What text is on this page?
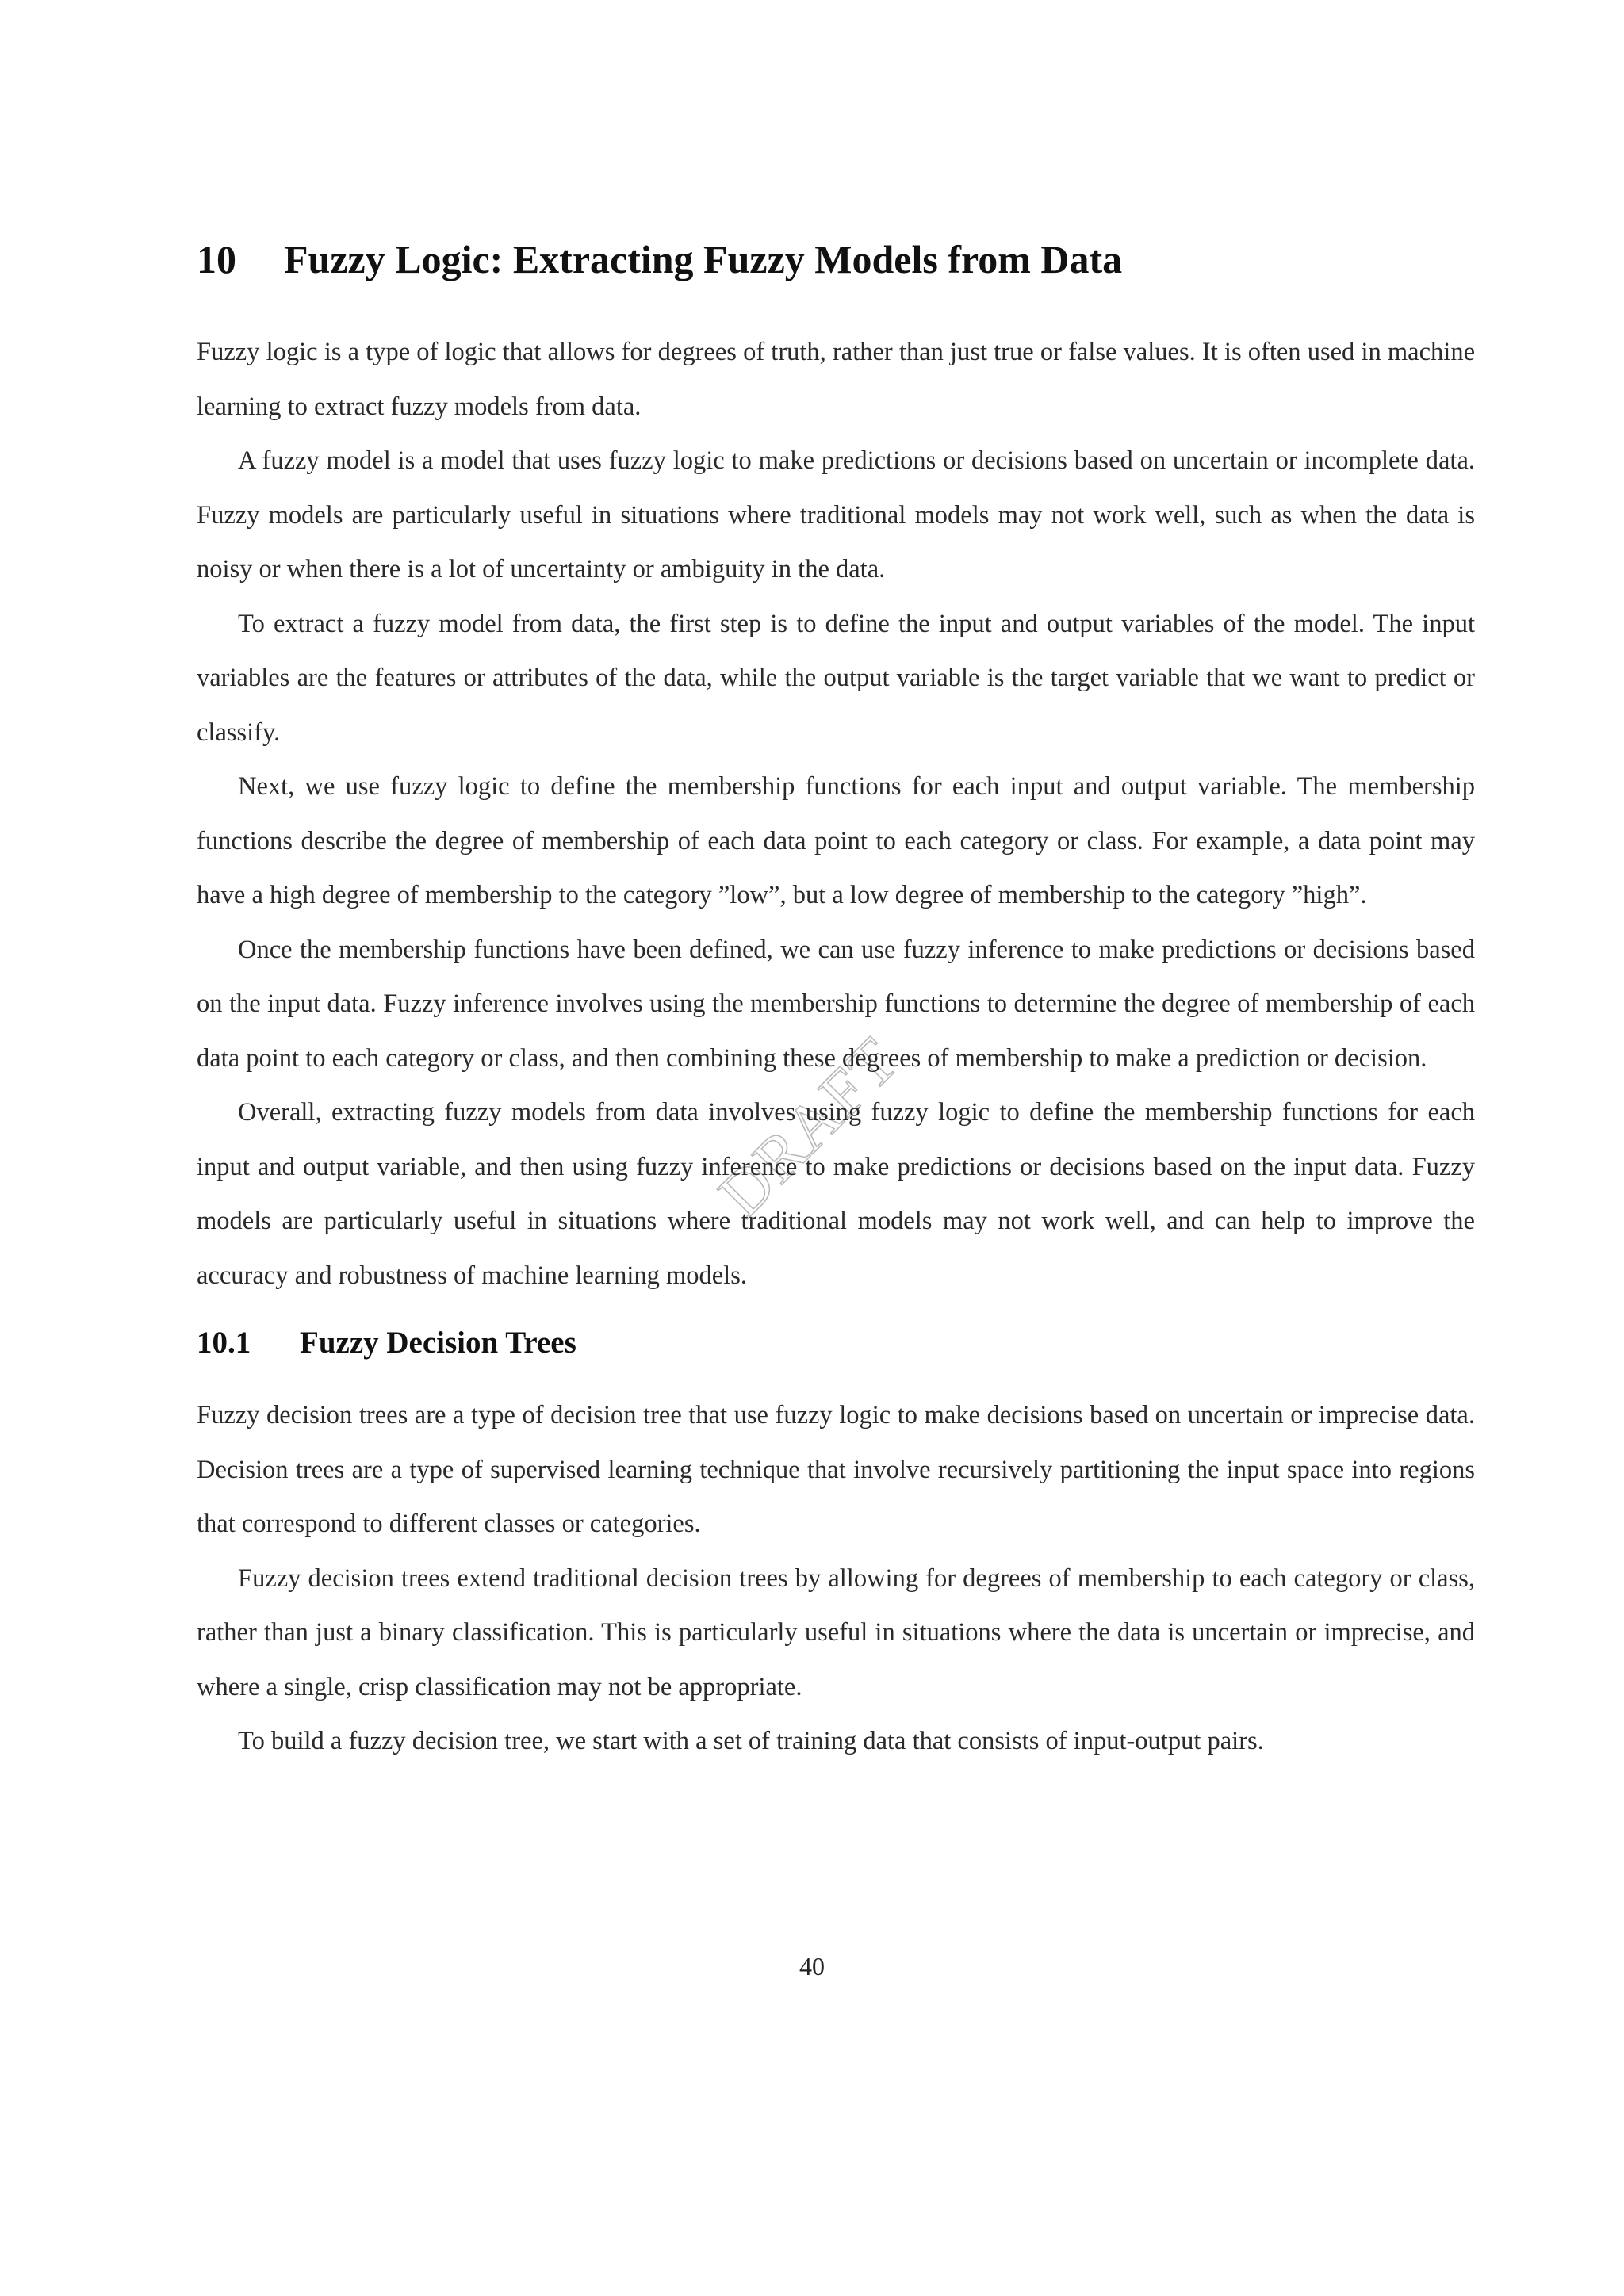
DRAFT
10 Fuzzy Logic: Extracting Fuzzy Models from Data

Fuzzy logic is a type of logic that allows for degrees of truth, rather than just true or false values. It is often used in machine learning to extract fuzzy models from data.

A fuzzy model is a model that uses fuzzy logic to make predictions or decisions based on uncertain or incomplete data. Fuzzy models are particularly useful in situations where traditional models may not work well, such as when the data is noisy or when there is a lot of uncertainty or ambiguity in the data.

To extract a fuzzy model from data, the first step is to define the input and output variables of the model. The input variables are the features or attributes of the data, while the output variable is the target variable that we want to predict or classify.

Next, we use fuzzy logic to define the membership functions for each input and output variable. The membership functions describe the degree of membership of each data point to each category or class. For example, a data point may have a high degree of membership to the category ”low”, but a low degree of membership to the category ”high”.

Once the membership functions have been defined, we can use fuzzy inference to make predictions or decisions based on the input data. Fuzzy inference involves using the membership functions to determine the degree of membership of each data point to each category or class, and then combining these degrees of membership to make a prediction or decision.

Overall, extracting fuzzy models from data involves using fuzzy logic to define the membership functions for each input and output variable, and then using fuzzy inference to make predictions or decisions based on the input data. Fuzzy models are particularly useful in situations where traditional models may not work well, and can help to improve the accuracy and robustness of machine learning models.

10.1 Fuzzy Decision Trees

Fuzzy decision trees are a type of decision tree that use fuzzy logic to make decisions based on uncertain or imprecise data. Decision trees are a type of supervised learning technique that involve recursively partitioning the input space into regions that correspond to different classes or categories.

Fuzzy decision trees extend traditional decision trees by allowing for degrees of membership to each category or class, rather than just a binary classification. This is particularly useful in situations where the data is uncertain or imprecise, and where a single, crisp classification may not be appropriate.

To build a fuzzy decision tree, we start with a set of training data that consists of input-output pairs.

40
